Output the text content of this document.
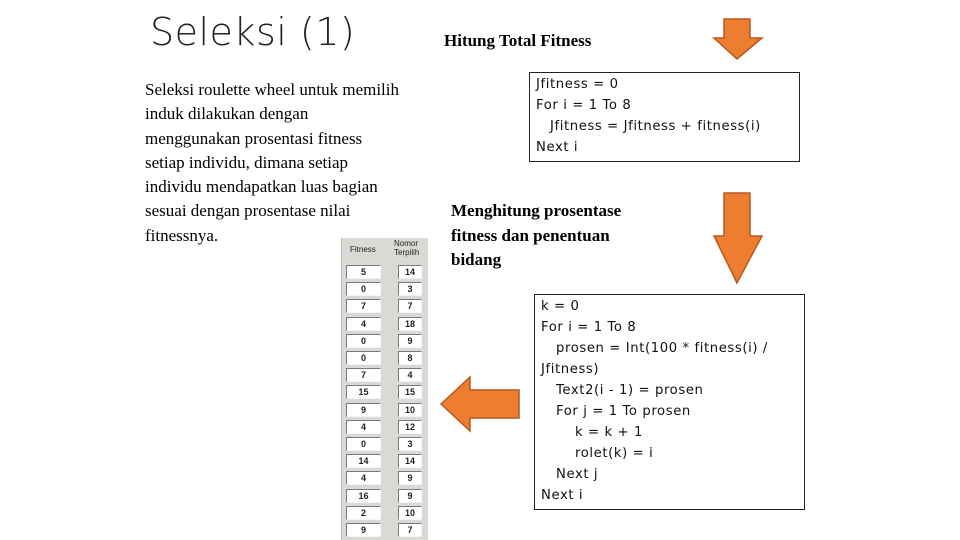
Seleksi (1)	Hitung Total Fitness
Seleksi roulette wheel untuk memilih
induk dilakukan dengan
menggunakan prosentasi fitness
setiap individu, dimana setiap
individu mendapatkan luas bagian
sesuai dengan prosentase nilai
fitnessnya.
Menghitung prosentase
fitness dan penentuan
bidang
Jfitness = 0
For i = 1 To 8
Jfitness = Jfitness + fitness(i)
Next i
k = 0
For i = 1 To 8
prosen = Int(100 * fitness(i) /
Jfitness)
Text2(i - 1) = prosen
For j = 1 To prosen
k = k + 1
rolet(k) = i
Next j
Next i
Fitness
Nomor Terpilih
5	14
0	3
7	7
4	18
0	9
0	8
7	4
15	15
9	10
4	12
0	3
14	14
4	9
16	9
2	10
9	7
